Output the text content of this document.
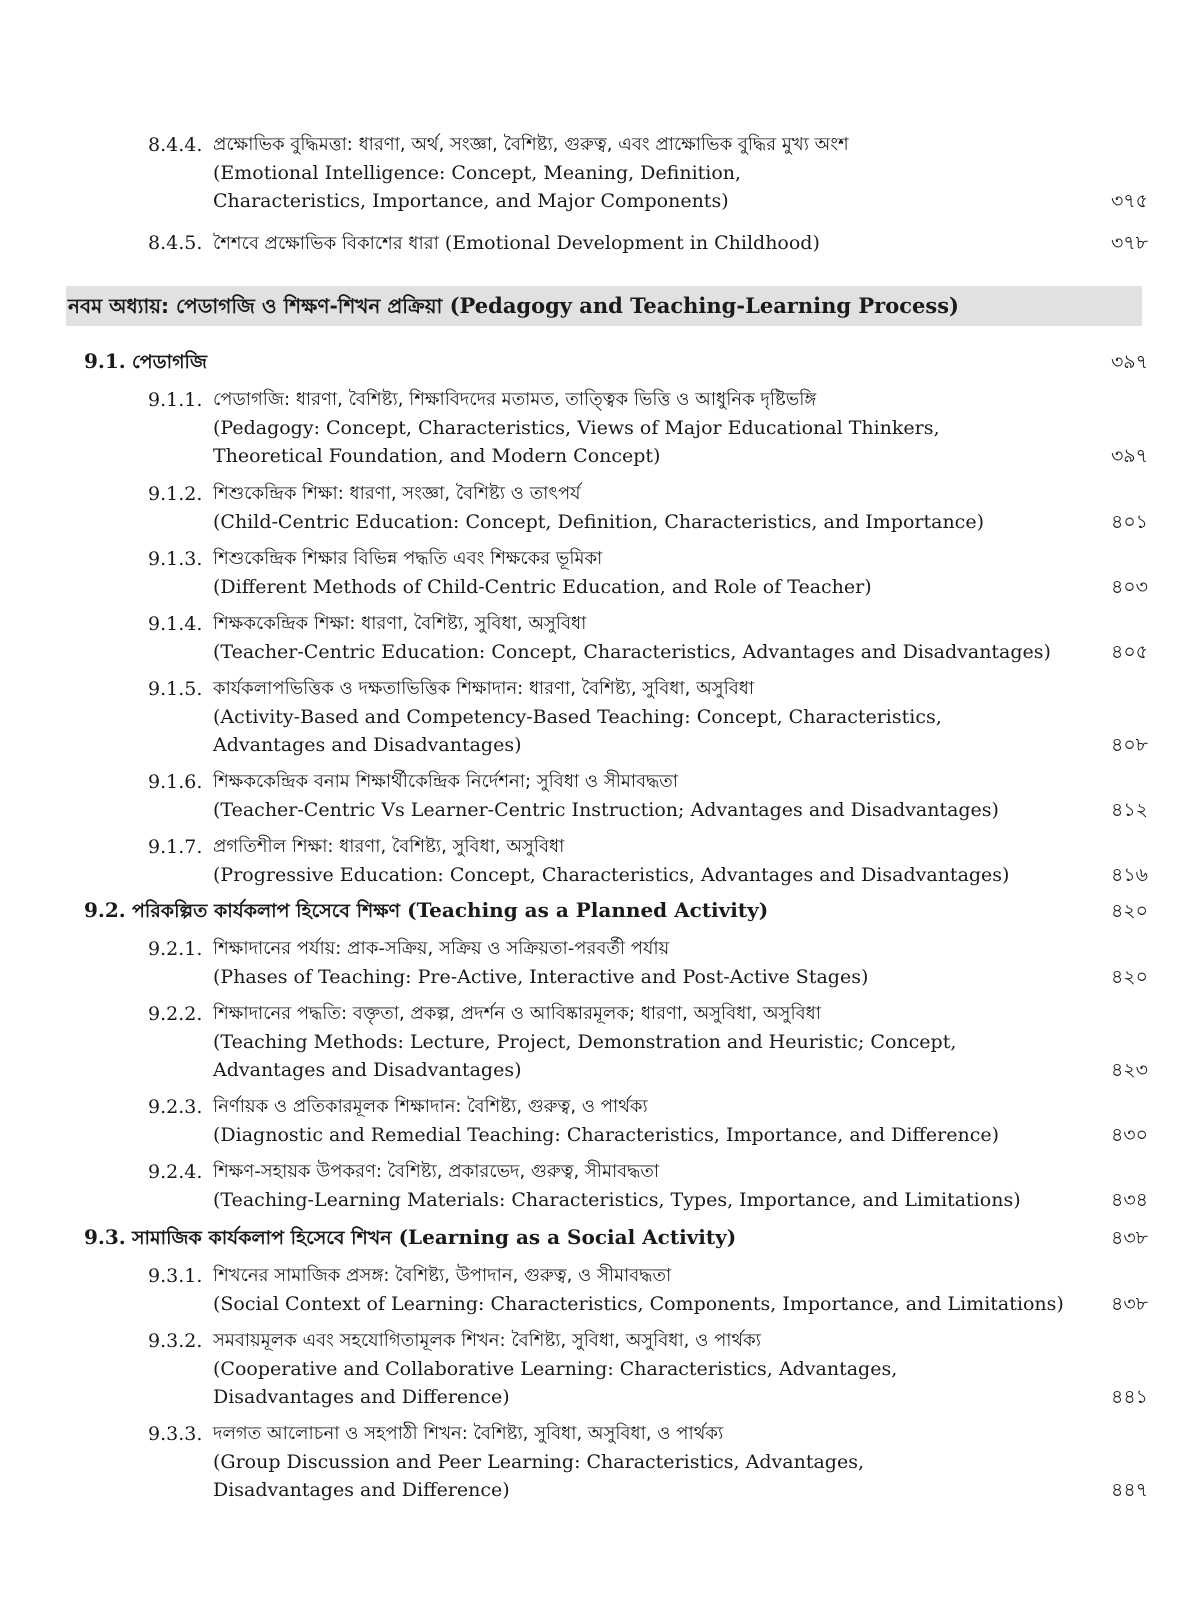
8.4.4. প্রক্ষোভিক বুদ্ধিমত্তা: ধারণা, অর্থ, সংজ্ঞা, বৈশিষ্ট্য, গুরুত্ব, এবং প্রাক্ষোভিক বুদ্ধির মুখ্য অংশ
(Emotional Intelligence: Concept, Meaning, Definition,
Characteristics, Importance, and Major Components)	৩৭৫
8.4.5. শৈশবে প্রক্ষোভিক বিকাশের ধারা (Emotional Development in Childhood)	৩৭৮
নবম অধ্যায়: পেডাগজি ও শিক্ষণ-শিখন প্রক্রিয়া (Pedagogy and Teaching-Learning Process)
9.1. পেডাগজি	৩৯৭
9.1.1. পেডাগজি: ধারণা, বৈশিষ্ট্য, শিক্ষাবিদদের মতামত, তাত্ত্বিক ভিত্তি ও আধুনিক দৃষ্টিভঙ্গি
(Pedagogy: Concept, Characteristics, Views of Major Educational Thinkers,
Theoretical Foundation, and Modern Concept)	৩৯৭
9.1.2. শিশুকেন্দ্রিক শিক্ষা: ধারণা, সংজ্ঞা, বৈশিষ্ট্য ও তাৎপর্য
(Child-Centric Education: Concept, Definition, Characteristics, and Importance)	৪০১
9.1.3. শিশুকেন্দ্রিক শিক্ষার বিভিন্ন পদ্ধতি এবং শিক্ষকের ভূমিকা
(Different Methods of Child-Centric Education, and Role of Teacher)	৪০৩
9.1.4. শিক্ষককেন্দ্রিক শিক্ষা: ধারণা, বৈশিষ্ট্য, সুবিধা, অসুবিধা
(Teacher-Centric Education: Concept, Characteristics, Advantages and Disadvantages)	৪০৫
9.1.5. কার্যকলাপভিত্তিক ও দক্ষতাভিত্তিক শিক্ষাদান: ধারণা, বৈশিষ্ট্য, সুবিধা, অসুবিধা
(Activity-Based and Competency-Based Teaching: Concept, Characteristics,
Advantages and Disadvantages)	৪০৮
9.1.6. শিক্ষককেন্দ্রিক বনাম শিক্ষার্থীকেন্দ্রিক নির্দেশনা; সুবিধা ও সীমাবদ্ধতা
(Teacher-Centric Vs Learner-Centric Instruction; Advantages and Disadvantages)	৪১২
9.1.7. প্রগতিশীল শিক্ষা: ধারণা, বৈশিষ্ট্য, সুবিধা, অসুবিধা
(Progressive Education: Concept, Characteristics, Advantages and Disadvantages)	৪১৬
9.2. পরিকল্পিত কার্যকলাপ হিসেবে শিক্ষণ (Teaching as a Planned Activity)	৪২০
9.2.1. শিক্ষাদানের পর্যায়: প্রাক-সক্রিয়, সক্রিয় ও সক্রিয়তা-পরবর্তী পর্যায়
(Phases of Teaching: Pre-Active, Interactive and Post-Active Stages)	৪২০
9.2.2. শিক্ষাদানের পদ্ধতি: বক্তৃতা, প্রকল্প, প্রদর্শন ও আবিষ্কারমূলক; ধারণা, অসুবিধা, অসুবিধা
(Teaching Methods: Lecture, Project, Demonstration and Heuristic; Concept,
Advantages and Disadvantages)	৪২৩
9.2.3. নির্ণায়ক ও প্রতিকারমূলক শিক্ষাদান: বৈশিষ্ট্য, গুরুত্ব, ও পার্থক্য
(Diagnostic and Remedial Teaching: Characteristics, Importance, and Difference)	৪৩০
9.2.4. শিক্ষণ-সহায়ক উপকরণ: বৈশিষ্ট্য, প্রকারভেদ, গুরুত্ব, সীমাবদ্ধতা
(Teaching-Learning Materials: Characteristics, Types, Importance, and Limitations)	৪৩৪
9.3. সামাজিক কার্যকলাপ হিসেবে শিখন (Learning as a Social Activity)	৪৩৮
9.3.1. শিখনের সামাজিক প্রসঙ্গ: বৈশিষ্ট্য, উপাদান, গুরুত্ব, ও সীমাবদ্ধতা
(Social Context of Learning: Characteristics, Components, Importance, and Limitations) ৪৩৮
9.3.2. সমবায়মূলক এবং সহযোগিতামূলক শিখন: বৈশিষ্ট্য, সুবিধা, অসুবিধা, ও পার্থক্য
(Cooperative and Collaborative Learning: Characteristics, Advantages,
Disadvantages and Difference)	৪৪১
9.3.3. দলগত আলোচনা ও সহপাঠী শিখন: বৈশিষ্ট্য, সুবিধা, অসুবিধা, ও পার্থক্য
(Group Discussion and Peer Learning: Characteristics, Advantages,
Disadvantages and Difference)	৪৪৭
